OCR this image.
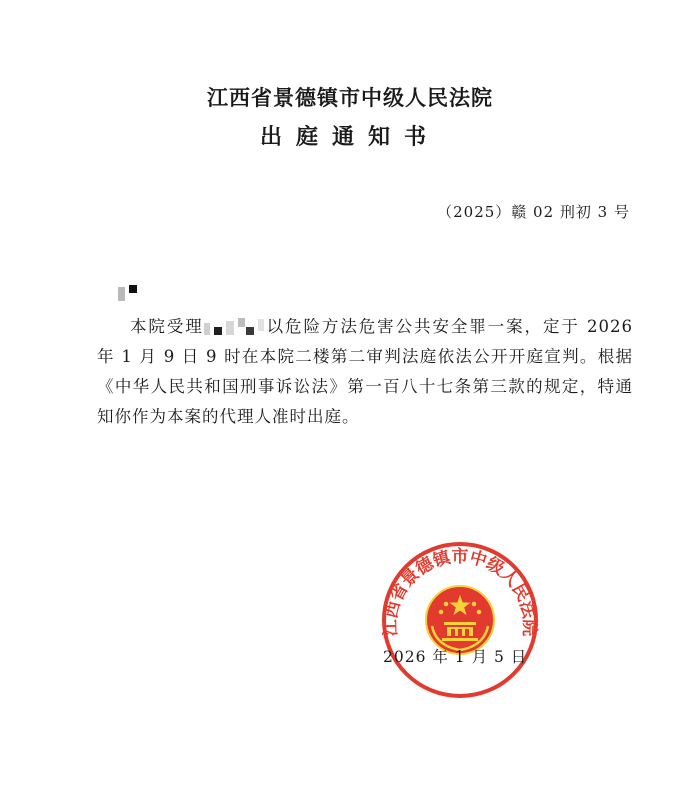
江西省景德镇市中级人民法院
出庭通知书
（2025）赣 02 刑初 3 号

本院受理	以危险方法危害公共安全罪一案，定于 2026 年 1 月 9 日 9 时在本院二楼第二审判法庭依法公开开庭宣判。根据《中华人民共和国刑事诉讼法》第一百八十七条第三款的规定，特通知你作为本案的代理人准时出庭。

江西省景德镇市中级人民法院
2026 年 1 月 5 日
